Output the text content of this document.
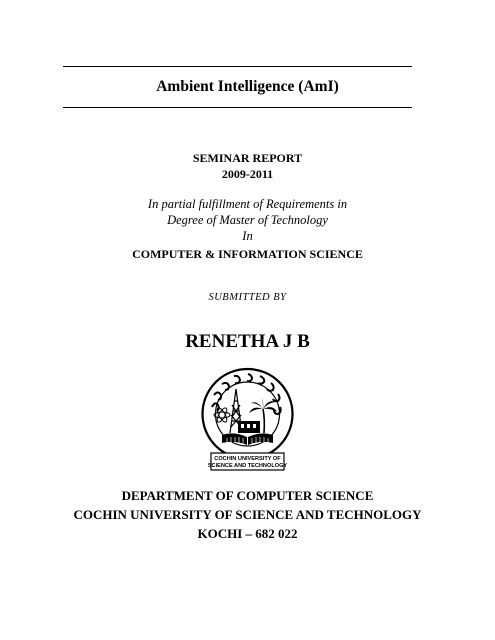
Ambient Intelligence (AmI)
SEMINAR REPORT
2009-2011
In partial fulfillment of Requirements in
Degree of Master of Technology
In
COMPUTER & INFORMATION SCIENCE
SUBMITTED BY
RENETHA J B
COCHIN UNIVERSITY OF
SCIENCE AND TECHNOLOGY
DEPARTMENT OF COMPUTER SCIENCE
COCHIN UNIVERSITY OF SCIENCE AND TECHNOLOGY
KOCHI – 682 022
